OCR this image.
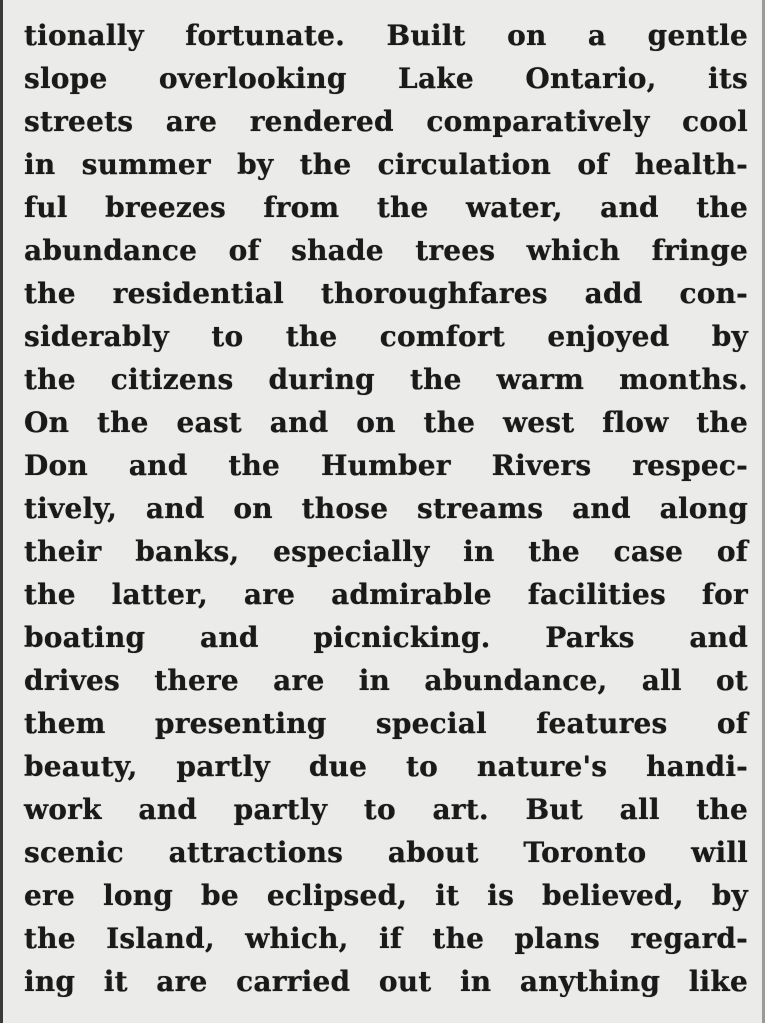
tionally fortunate. Built on a gentle
slope overlooking Lake Ontario, its
streets are rendered comparatively cool
in summer by the circulation of health-
ful breezes from the water, and the
abundance of shade trees which fringe
the residential thoroughfares add con-
siderably to the comfort enjoyed by
the citizens during the warm months.
On the east and on the west flow the
Don and the Humber Rivers respec-
tively, and on those streams and along
their banks, especially in the case of
the latter, are admirable facilities for
boating and picnicking. Parks and
drives there are in abundance, all ot
them presenting special features of
beauty, partly due to nature's handi-
work and partly to art. But all the
scenic attractions about Toronto will
ere long be eclipsed, it is believed, by
the Island, which, if the plans regard-
ing it are carried out in anything like
